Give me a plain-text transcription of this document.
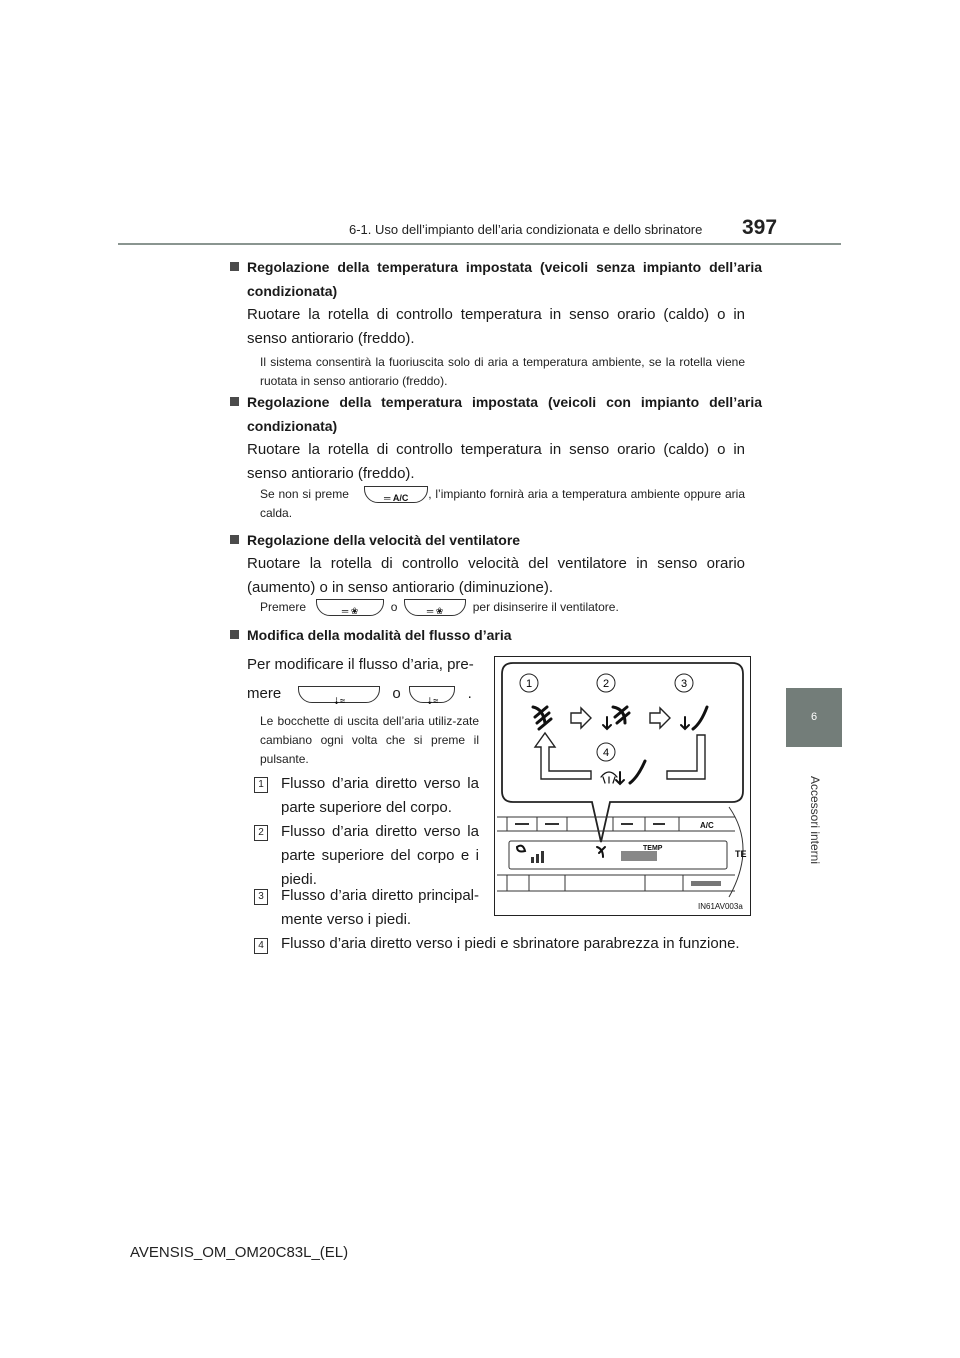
6-1. Uso dell’impianto dell’aria condizionata e dello sbrinatore 397
6
Accessori interni
Regolazione della temperatura impostata (veicoli senza impianto dell’aria condizionata)
Ruotare la rotella di controllo temperatura in senso orario (caldo) o in senso antiorario (freddo).
Il sistema consentirà la fuoriuscita solo di aria a temperatura ambiente, se la rotella viene ruotata in senso antiorario (freddo).
Regolazione della temperatura impostata (veicoli con impianto dell’aria condizionata)
Ruotare la rotella di controllo temperatura in senso orario (caldo) o in senso antiorario (freddo).
Se non si preme	═ A/C	, l’impianto fornirà aria a temperatura ambiente oppure aria calda.
Regolazione della velocità del ventilatore
Ruotare la rotella di controllo velocità del ventilatore in senso orario (aumento) o in senso antiorario (diminuzione).
Premere	═ ❀	o	═ ❀	per disinserire il ventilatore.
Modifica della modalità del flusso d’aria
Per modificare il flusso d’aria, pre-
mere	⇣≈	o	⇣≈	.
Le bocchette di uscita dell’aria utiliz-zate cambiano ogni volta che si preme il pulsante.
1 Flusso d’aria diretto verso la parte superiore del corpo.
2 Flusso d’aria diretto verso la parte superiore del corpo e i piedi.
3 Flusso d’aria diretto principal-mente verso i piedi.
4 Flusso d’aria diretto verso i piedi e sbrinatore parabrezza in funzione.
1	2	3
4
A/C
TEMP
TE
IN61AV003a
AVENSIS_OM_OM20C83L_(EL)
